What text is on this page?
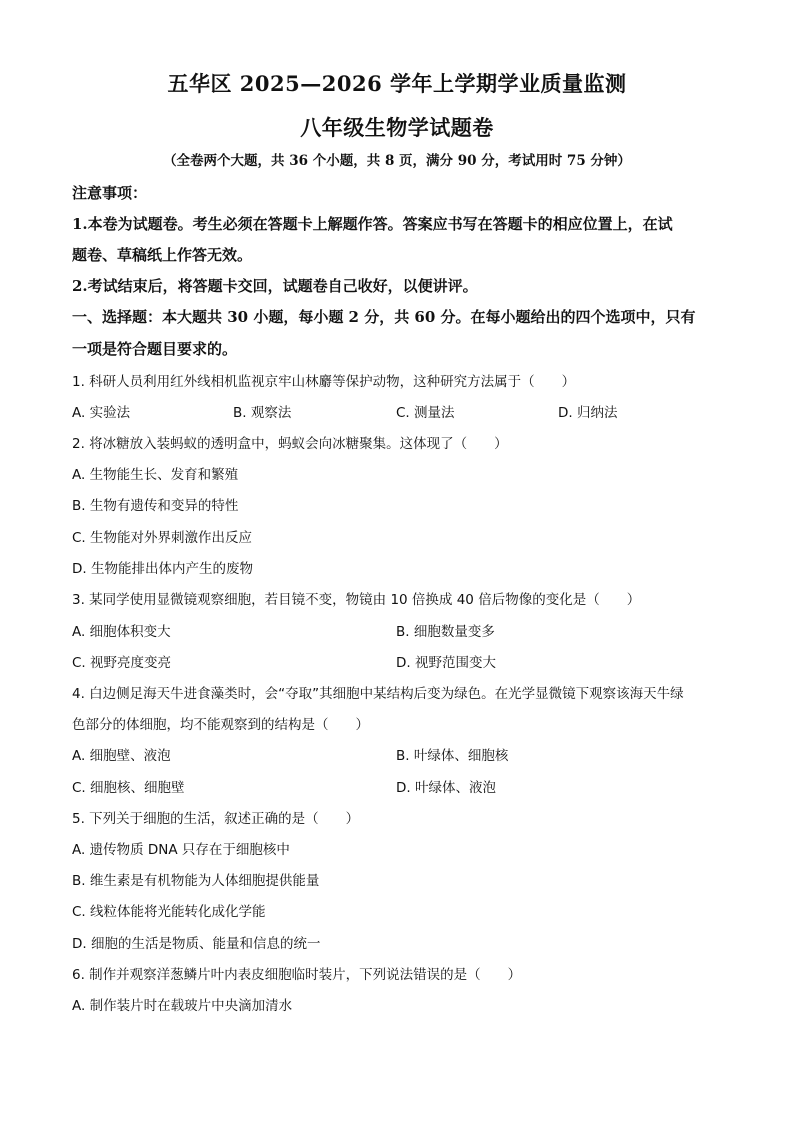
五华区 2025—2026 学年上学期学业质量监测
八年级生物学试题卷
（全卷两个大题，共 36 个小题，共 8 页，满分 90 分，考试用时 75 分钟）
注意事项：
1.本卷为试题卷。考生必须在答题卡上解题作答。答案应书写在答题卡的相应位置上，在试
题卷、草稿纸上作答无效。
2.考试结束后，将答题卡交回，试题卷自己收好，以便讲评。
一、选择题：本大题共 30 小题，每小题 2 分，共 60 分。在每小题给出的四个选项中，只有
一项是符合题目要求的。
1. 科研人员利用红外线相机监视京牢山林麝等保护动物，这种研究方法属于（　　）
A. 实验法	B. 观察法	C. 测量法	D. 归纳法
2. 将冰糖放入装蚂蚁的透明盒中，蚂蚁会向冰糖聚集。这体现了（　　）
A. 生物能生长、发育和繁殖
B. 生物有遗传和变异的特性
C. 生物能对外界刺激作出反应
D. 生物能排出体内产生的废物
3. 某同学使用显微镜观察细胞，若目镜不变，物镜由 10 倍换成 40 倍后物像的变化是（　　）
A. 细胞体积变大	B. 细胞数量变多
C. 视野亮度变亮	D. 视野范围变大
4. 白边侧足海天牛进食藻类时，会“夺取”其细胞中某结构后变为绿色。在光学显微镜下观察该海天牛绿
色部分的体细胞，均不能观察到的结构是（　　）
A. 细胞壁、液泡	B. 叶绿体、细胞核
C. 细胞核、细胞壁	D. 叶绿体、液泡
5. 下列关于细胞的生活，叙述正确的是（　　）
A. 遗传物质 DNA 只存在于细胞核中
B. 维生素是有机物能为人体细胞提供能量
C. 线粒体能将光能转化成化学能
D. 细胞的生活是物质、能量和信息的统一
6. 制作并观察洋葱鳞片叶内表皮细胞临时装片，下列说法错误的是（　　）
A. 制作装片时在载玻片中央滴加清水
